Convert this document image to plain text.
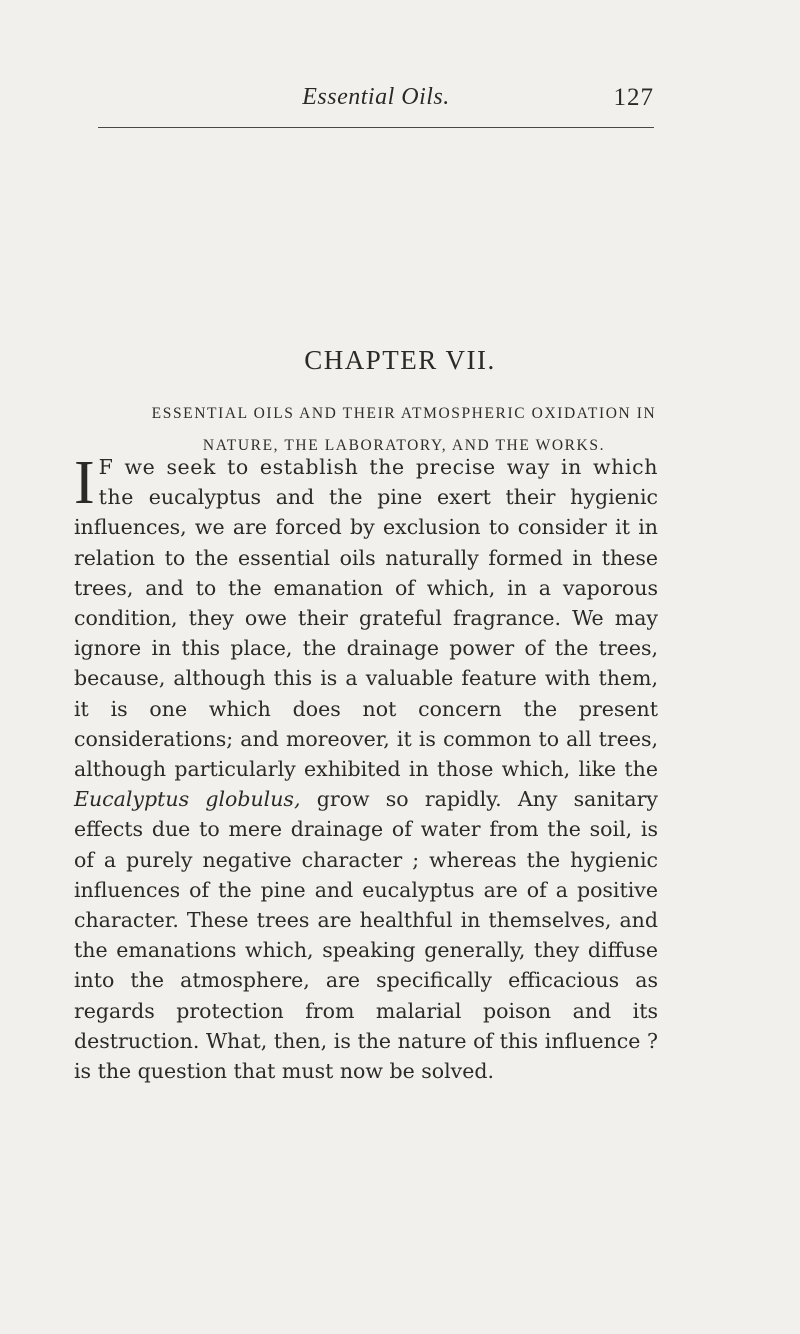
Essential Oils.	127
CHAPTER VII.
ESSENTIAL OILS AND THEIR ATMOSPHERIC OXIDATION IN
NATURE, THE LABORATORY, AND THE WORKS.

I F we seek to establish the precise way in which the eucalyptus and the pine exert their hygienic influences, we are forced by exclusion to consider it in relation to the essential oils naturally formed in these trees, and to the emanation of which, in a vaporous condition, they owe their grateful fragrance. We may ignore in this place, the drainage power of the trees, because, although this is a valuable feature with them, it is one which does not concern the present considerations; and moreover, it is common to all trees, although particularly exhibited in those which, like the Eucalyptus globulus, grow so rapidly. Any sanitary effects due to mere drainage of water from the soil, is of a purely negative character ; whereas the hygienic influences of the pine and eucalyptus are of a positive character. These trees are healthful in themselves, and the emanations which, speaking generally, they diffuse into the atmosphere, are specifically efficacious as regards protection from malarial poison and its destruction. What, then, is the nature of this influence ? is the question that must now be solved.
